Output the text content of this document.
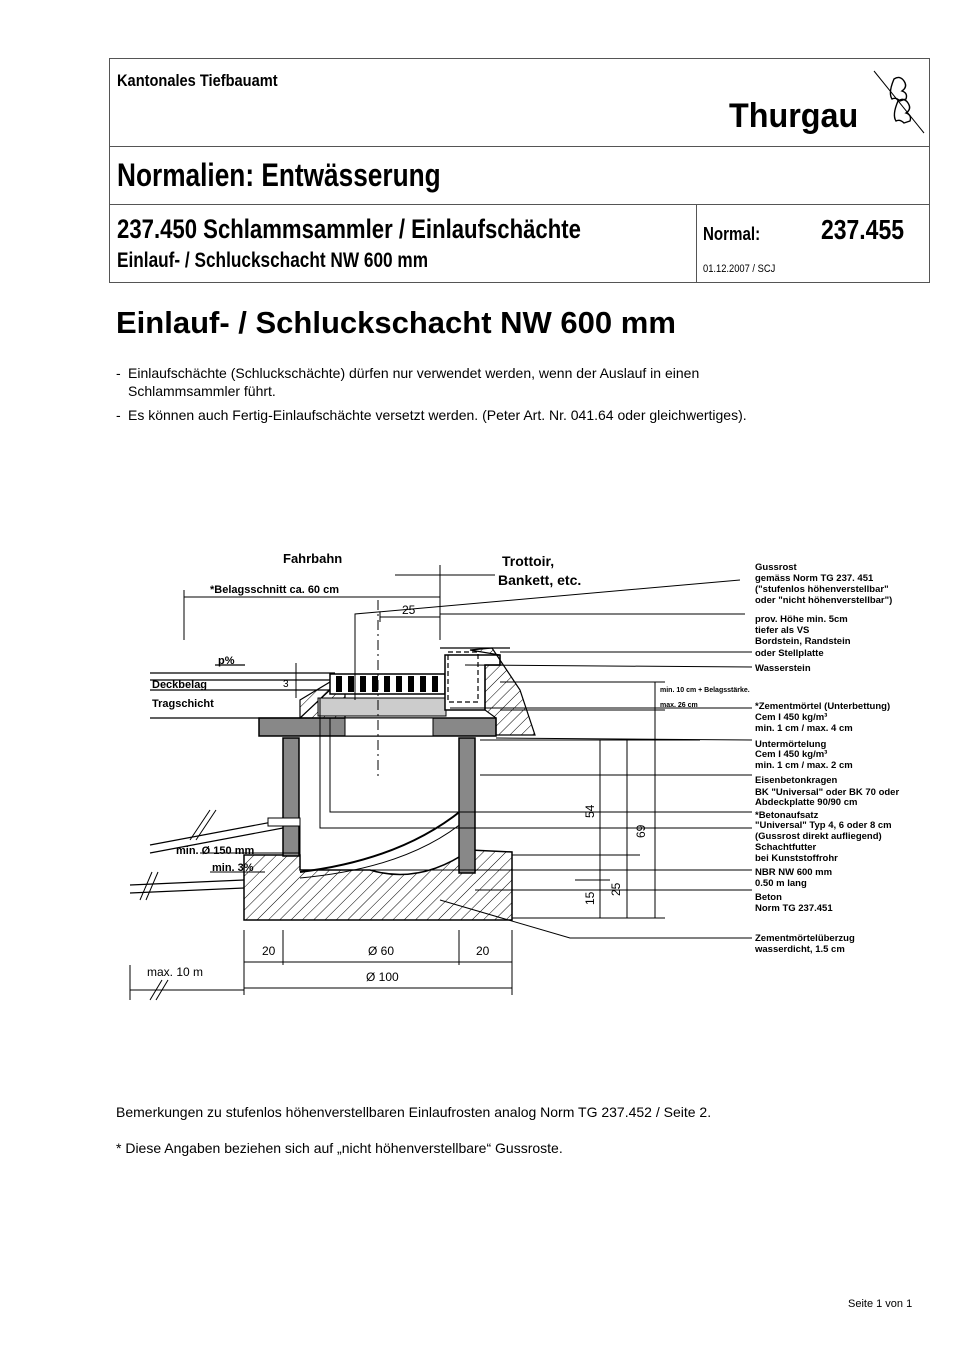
Kantonales Tiefbauamt
Thurgau
Normalien: Entwässerung
237.450 Schlammsammler / Einlaufschächte
Einlauf- / Schluckschacht NW 600 mm
Normal:	237.455
01.12.2007 / SCJ
Einlauf- / Schluckschacht NW 600 mm
- Einlaufschächte (Schluckschächte) dürfen nur verwendet werden, wenn der Auslauf in einen
Schlammsammler führt.
- Es können auch Fertig-Einlaufschächte versetzt werden. (Peter Art. Nr. 041.64 oder gleichwertiges).
Fahrbahn	Trottoir,
Bankett, etc.
*Belagsschnitt ca. 60 cm
25
p%
Deckbelag
Tragschicht
3
min. Ø 150 mm
min. 3%
max. 10 m
20	Ø 60	20
Ø 100
54
69
15
25
min. 10 cm + Belagsstärke.
max. 26 cm
Gussrost
gemäss Norm TG 237. 451
("stufenlos höhenverstellbar"
oder "nicht höhenverstellbar")
prov. Höhe min. 5cm
tiefer als VS
Bordstein, Randstein
oder Stellplatte
Wasserstein
*Zementmörtel (Unterbettung)
Cem I 450 kg/m³
min. 1 cm / max. 4 cm
Untermörtelung
Cem I 450 kg/m³
min. 1 cm / max. 2 cm
Eisenbetonkragen
BK "Universal" oder BK 70 oder
Abdeckplatte 90/90 cm
*Betonaufsatz
"Universal" Typ 4, 6 oder 8 cm
(Gussrost direkt aufliegend)
Schachtfutter
bei Kunststoffrohr
NBR NW 600 mm
0.50 m lang
Beton
Norm TG 237.451
Zementmörtelüberzug
wasserdicht, 1.5 cm
Bemerkungen zu stufenlos höhenverstellbaren Einlaufrosten analog Norm TG 237.452 / Seite 2.
* Diese Angaben beziehen sich auf „nicht höhenverstellbare“ Gussroste.
Seite 1 von 1
